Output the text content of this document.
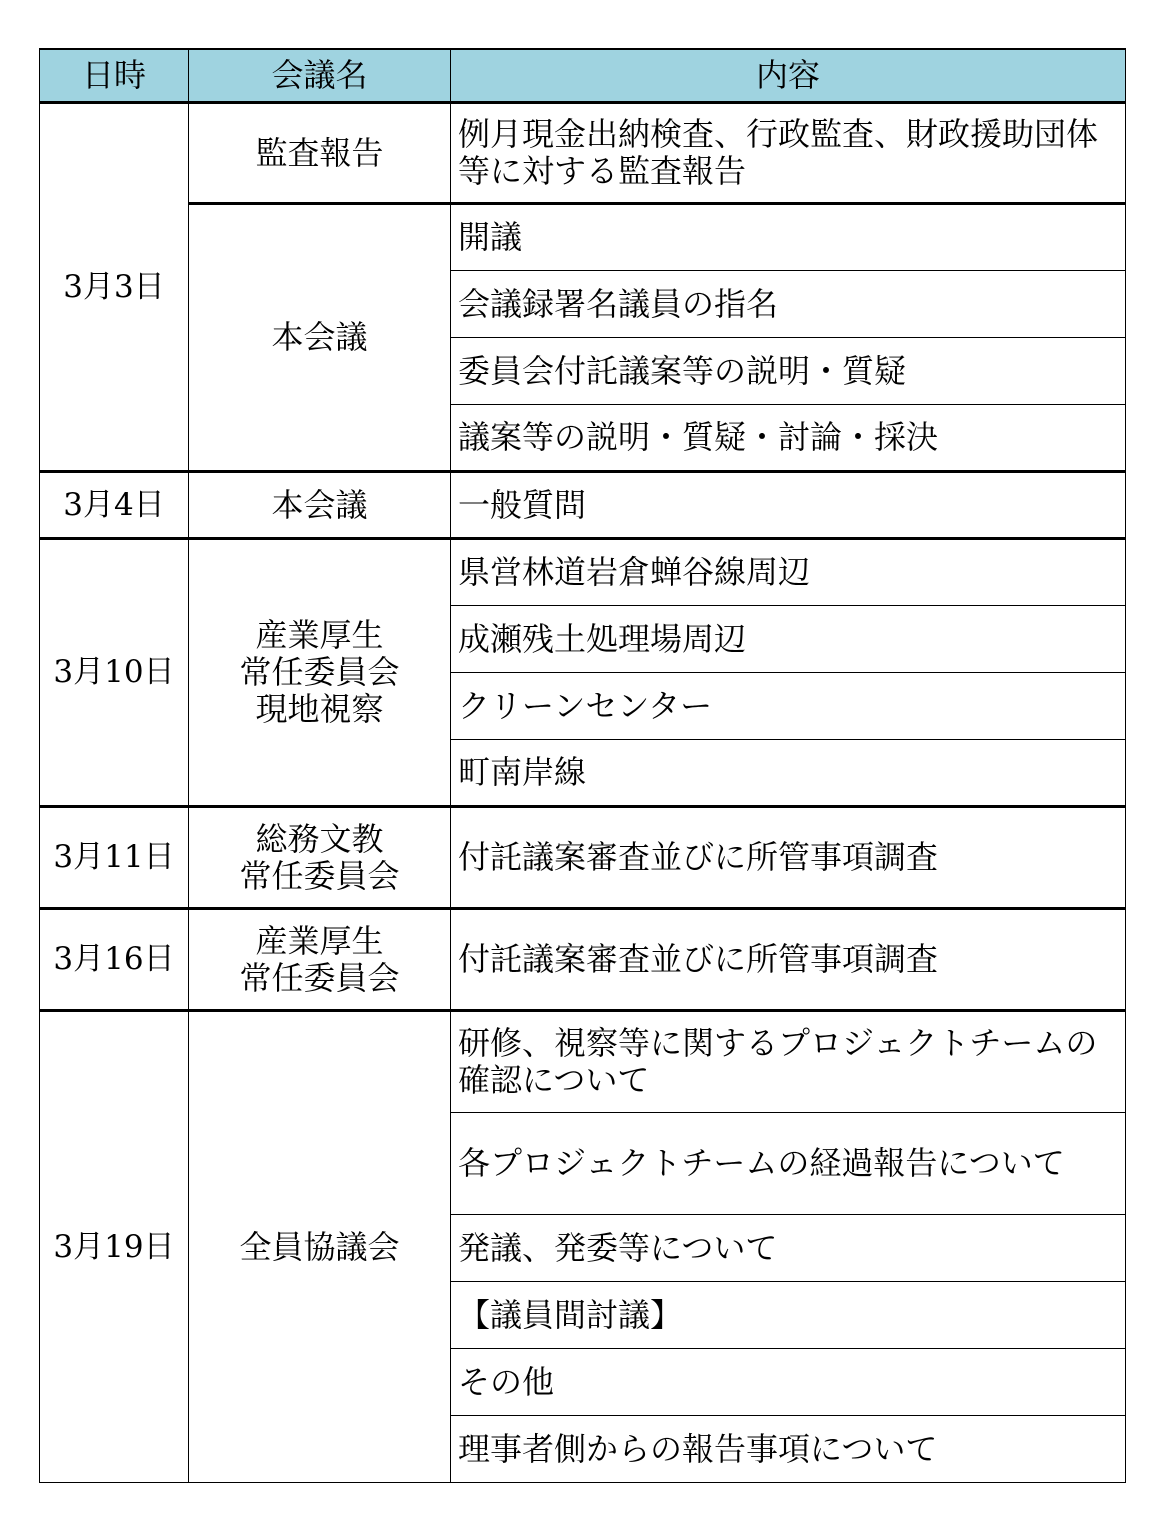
日時	会議名	内容
3月3日	監査報告	例月現金出納検査、行政監査、財政援助団体等に対する監査報告
	本会議	開議
		会議録署名議員の指名
		委員会付託議案等の説明・質疑
		議案等の説明・質疑・討論・採決
3月4日	本会議	一般質問
3月10日	産業厚生
常任委員会
現地視察	県営林道岩倉蝉谷線周辺
		成瀬残土処理場周辺
		クリーンセンター
		町南岸線
3月11日	総務文教
常任委員会	付託議案審査並びに所管事項調査
3月16日	産業厚生
常任委員会	付託議案審査並びに所管事項調査
3月19日	全員協議会	研修、視察等に関するプロジェクトチームの確認について
		各プロジェクトチームの経過報告について
		発議、発委等について
		【議員間討議】
		その他
		理事者側からの報告事項について
